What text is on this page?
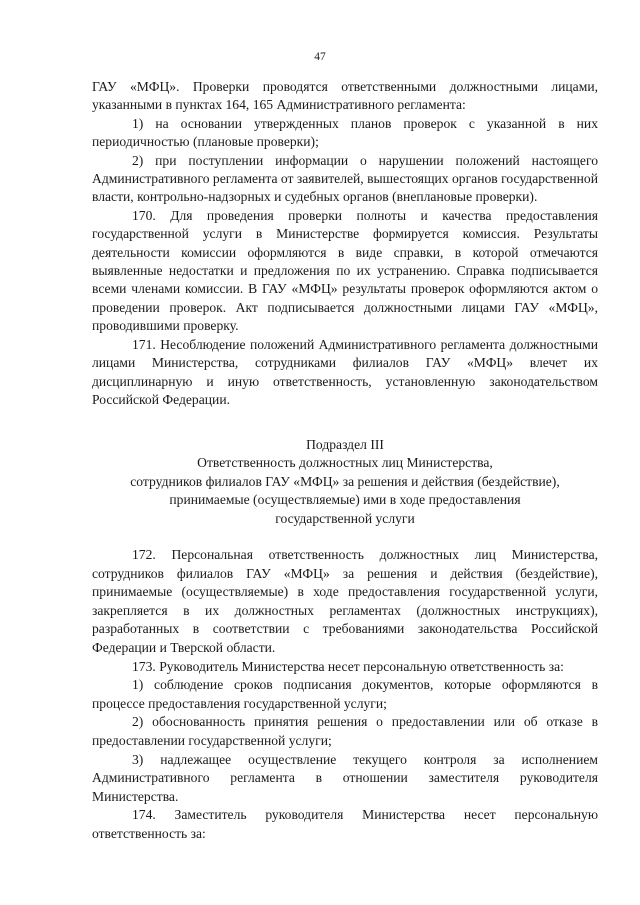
47

ГАУ «МФЦ». Проверки проводятся ответственными должностными лицами, указанными в пунктах 164, 165 Административного регламента:

1) на основании утвержденных планов проверок с указанной в них периодичностью (плановые проверки);

2) при поступлении информации о нарушении положений настоящего Административного регламента от заявителей, вышестоящих органов государственной власти, контрольно-надзорных и судебных органов (внеплановые проверки).

170. Для проведения проверки полноты и качества предоставления государственной услуги в Министерстве формируется комиссия. Результаты деятельности комиссии оформляются в виде справки, в которой отмечаются выявленные недостатки и предложения по их устранению. Справка подписывается всеми членами комиссии. В ГАУ «МФЦ» результаты проверок оформляются актом о проведении проверок. Акт подписывается должностными лицами ГАУ «МФЦ», проводившими проверку.

171. Несоблюдение положений Административного регламента должностными лицами Министерства, сотрудниками филиалов ГАУ «МФЦ» влечет их дисциплинарную и иную ответственность, установленную законодательством Российской Федерации.

Подраздел III
Ответственность должностных лиц Министерства,
сотрудников филиалов ГАУ «МФЦ» за решения и действия (бездействие),
принимаемые (осуществляемые) ими в ходе предоставления
государственной услуги

172. Персональная ответственность должностных лиц Министерства, сотрудников филиалов ГАУ «МФЦ» за решения и действия (бездействие), принимаемые (осуществляемые) в ходе предоставления государственной услуги, закрепляется в их должностных регламентах (должностных инструкциях), разработанных в соответствии с требованиями законодательства Российской Федерации и Тверской области.

173. Руководитель Министерства несет персональную ответственность за:

1) соблюдение сроков подписания документов, которые оформляются в процессе предоставления государственной услуги;

2) обоснованность принятия решения о предоставлении или об отказе в предоставлении государственной услуги;

3) надлежащее осуществление текущего контроля за исполнением Административного регламента в отношении заместителя руководителя Министерства.

174. Заместитель руководителя Министерства несет персональную ответственность за:
